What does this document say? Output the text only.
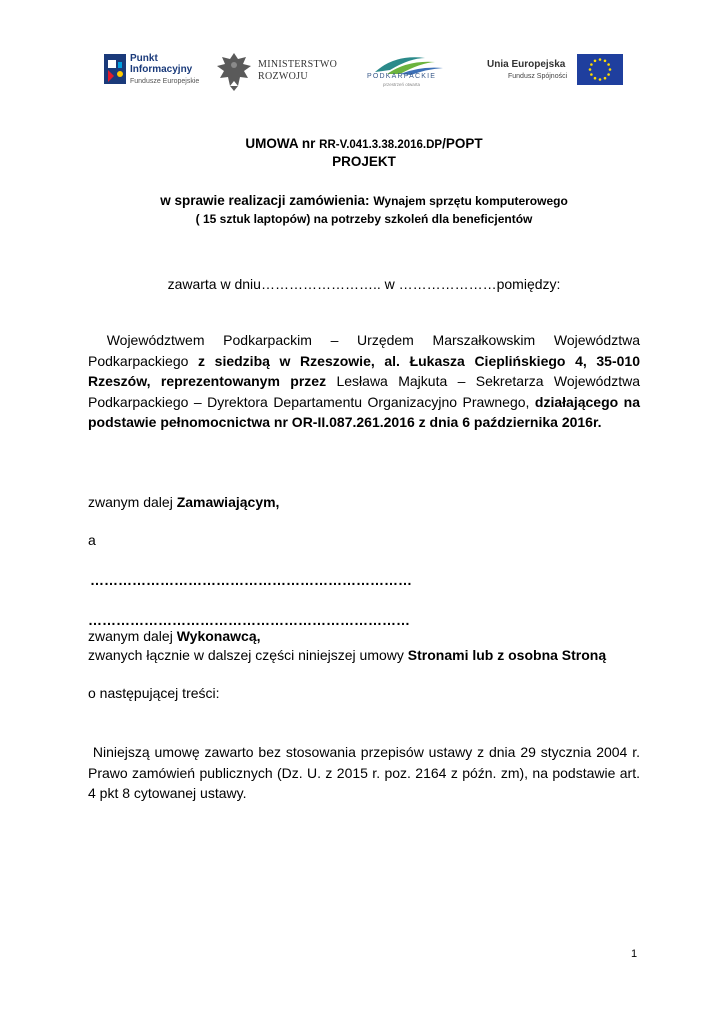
Punkt
Informacyjny
Fundusze Europejskie
MINISTERSTWO
ROZWOJU	PODKARPACKIE
przestrzeń otwarta
Unia Europejska
Fundusz Spójności
UMOWA nr RR-V.041.3.38.2016.DP/POPT
PROJEKT
w sprawie realizacji zamówienia: Wynajem sprzętu komputerowego
( 15 sztuk laptopów) na potrzeby szkoleń dla beneficjentów
zawarta w dniu…………………….. w …………………pomiędzy:
Województwem Podkarpackim – Urzędem Marszałkowskim Województwa Podkarpackiego z siedzibą w Rzeszowie, al. Łukasza Cieplińskiego 4, 35-010 Rzeszów, reprezentowanym przez Lesława Majkuta – Sekretarza Województwa Podkarpackiego – Dyrektora Departamentu Organizacyjno Prawnego, działającego na podstawie pełnomocnictwa nr OR-II.087.261.2016 z dnia 6 października 2016r.
zwanym dalej Zamawiającym,
a
……………………………………………………………
……………………………………………………………
zwanym dalej Wykonawcą,
zwanych łącznie w dalszej części niniejszej umowy Stronami lub z osobna Stroną
o następującej treści:
Niniejszą umowę zawarto bez stosowania przepisów ustawy z dnia 29 stycznia 2004 r. Prawo zamówień publicznych (Dz. U. z 2015 r. poz. 2164 z późn. zm), na podstawie art. 4 pkt 8 cytowanej ustawy.
1
